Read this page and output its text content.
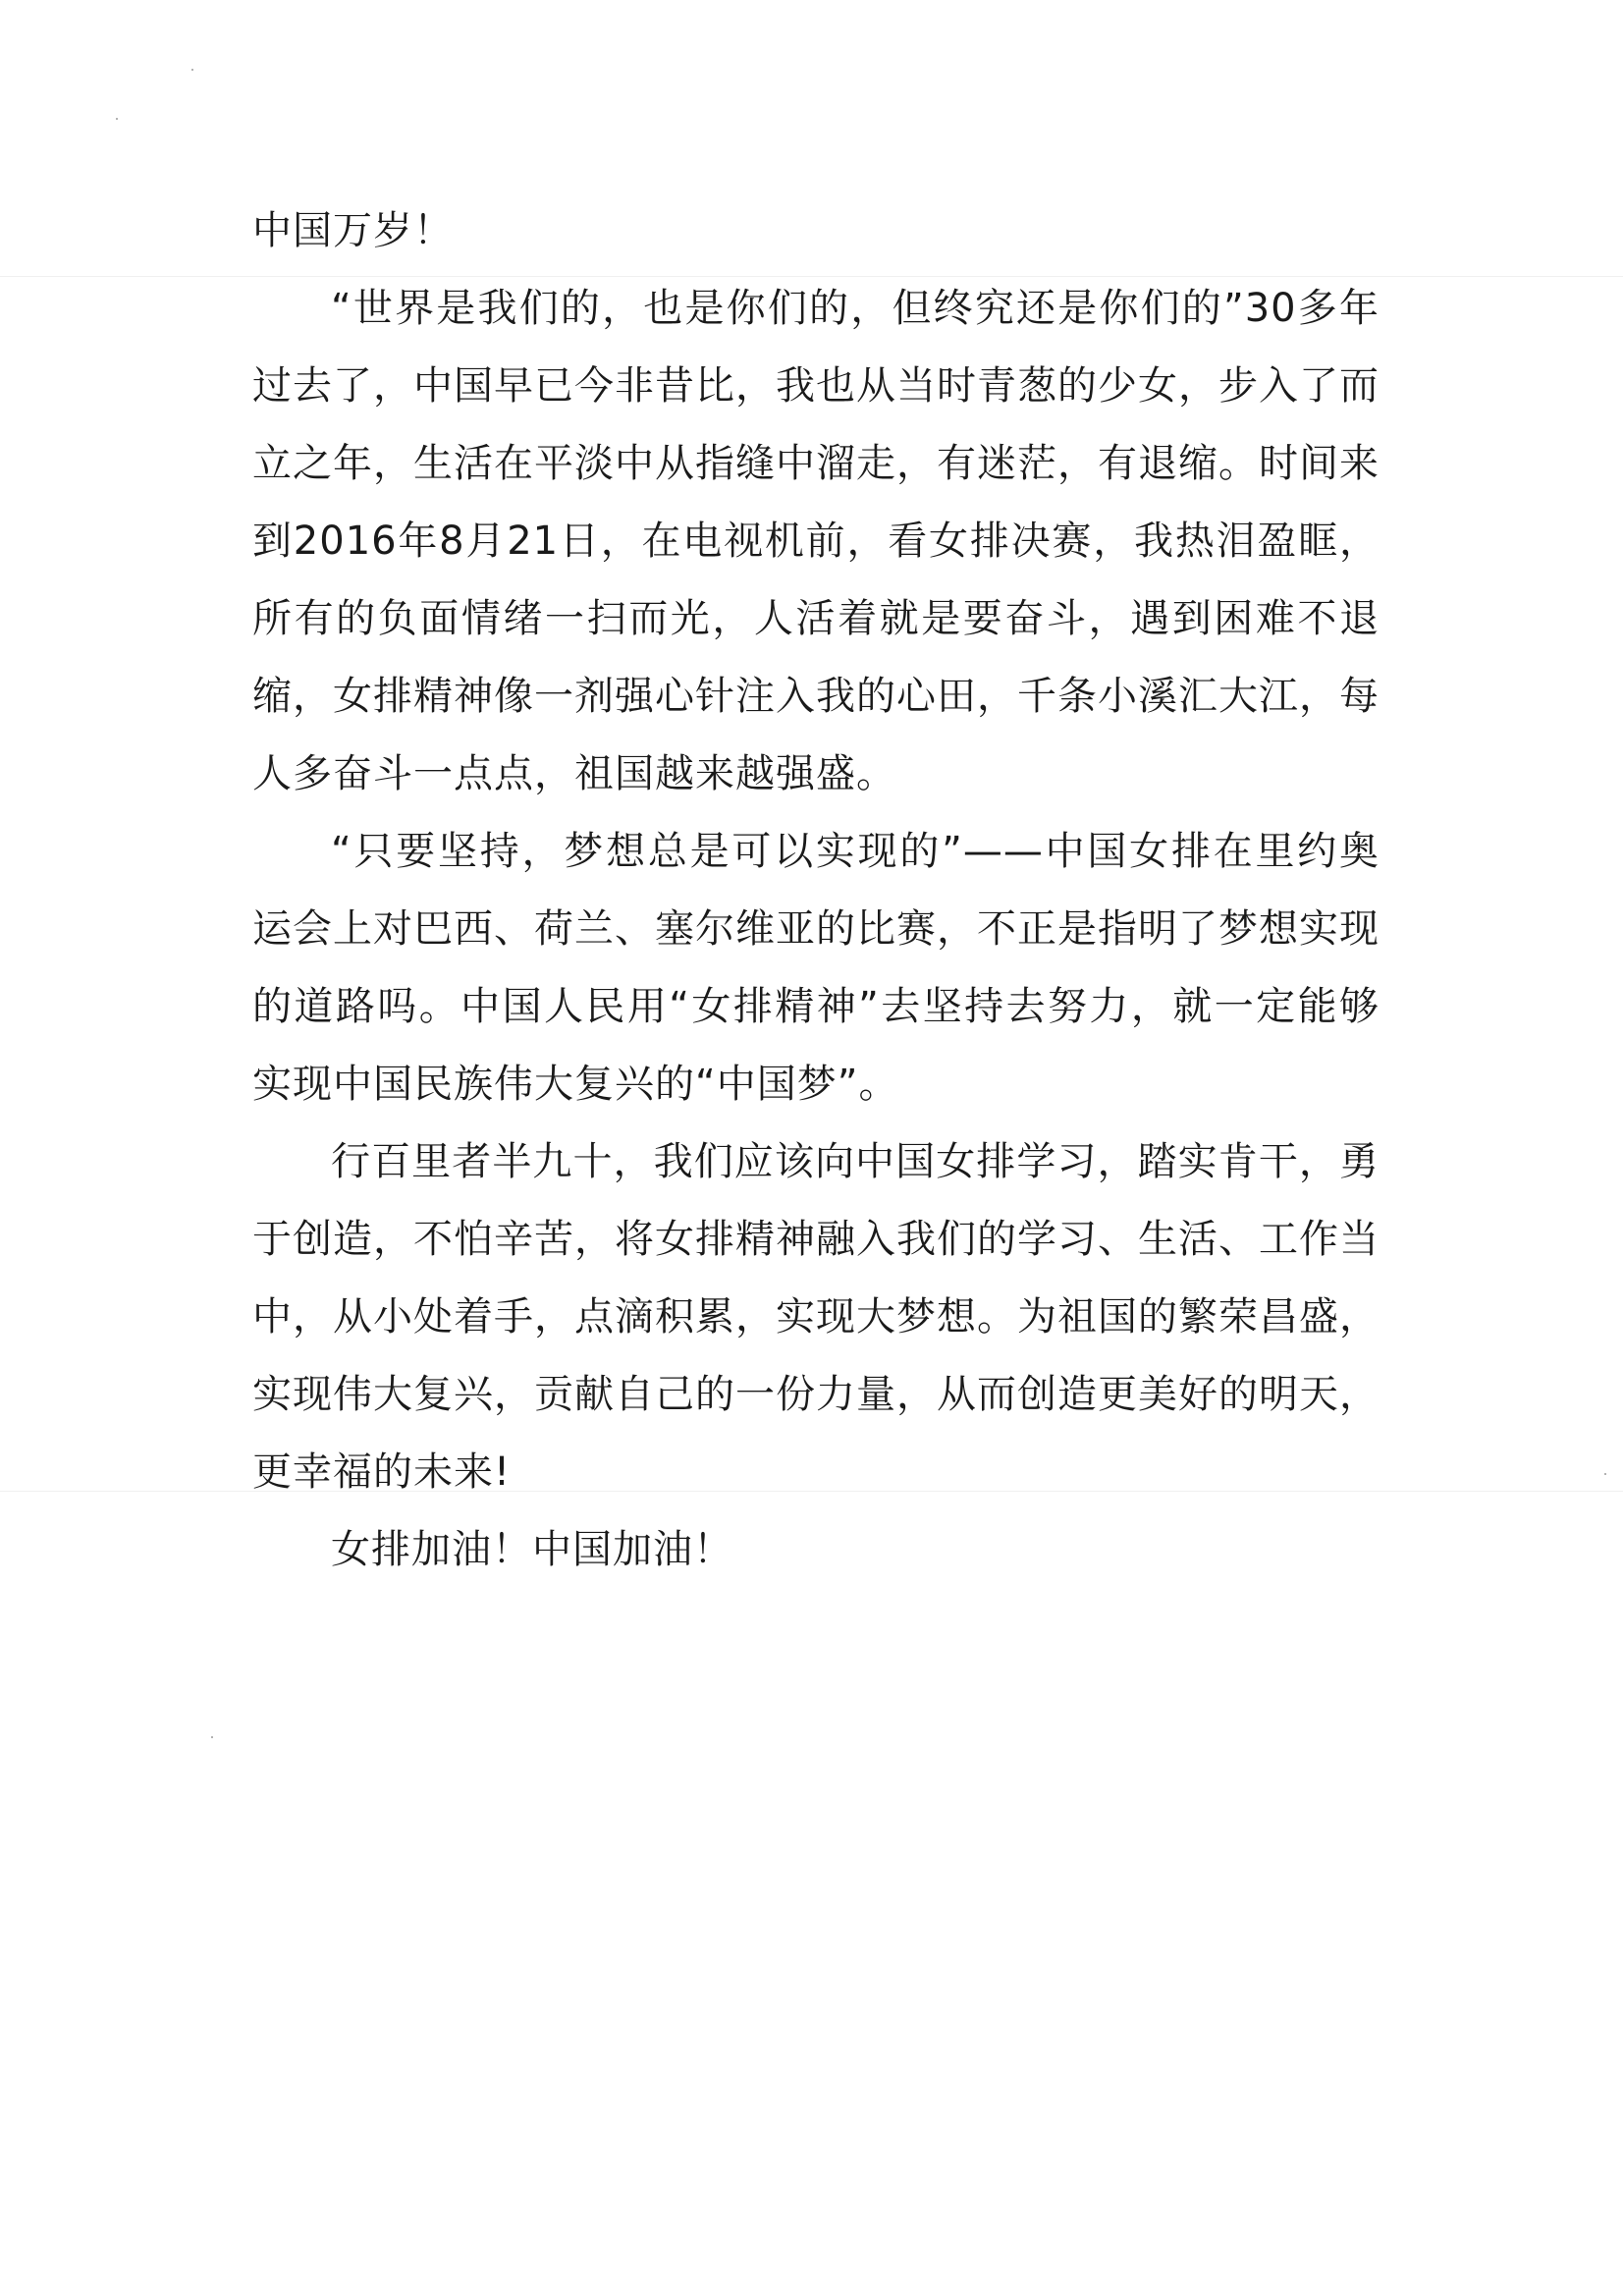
中国万岁！

“世界是我们的，也是你们的，但终究还是你们的”30多年过去了，中国早已今非昔比，我也从当时青葱的少女，步入了而立之年，生活在平淡中从指缝中溜走，有迷茫，有退缩。时间来到2016年8月21日，在电视机前，看女排决赛，我热泪盈眶，所有的负面情绪一扫而光，人活着就是要奋斗，遇到困难不退缩，女排精神像一剂强心针注入我的心田，千条小溪汇大江，每人多奋斗一点点，祖国越来越强盛。

“只要坚持，梦想总是可以实现的”——中国女排在里约奥运会上对巴西、荷兰、塞尔维亚的比赛，不正是指明了梦想实现的道路吗。中国人民用“女排精神”去坚持去努力，就一定能够实现中国民族伟大复兴的“中国梦”。

行百里者半九十，我们应该向中国女排学习，踏实肯干，勇于创造，不怕辛苦，将女排精神融入我们的学习、生活、工作当中，从小处着手，点滴积累，实现大梦想。为祖国的繁荣昌盛，实现伟大复兴，贡献自己的一份力量，从而创造更美好的明天，更幸福的未来!

女排加油！中国加油！
